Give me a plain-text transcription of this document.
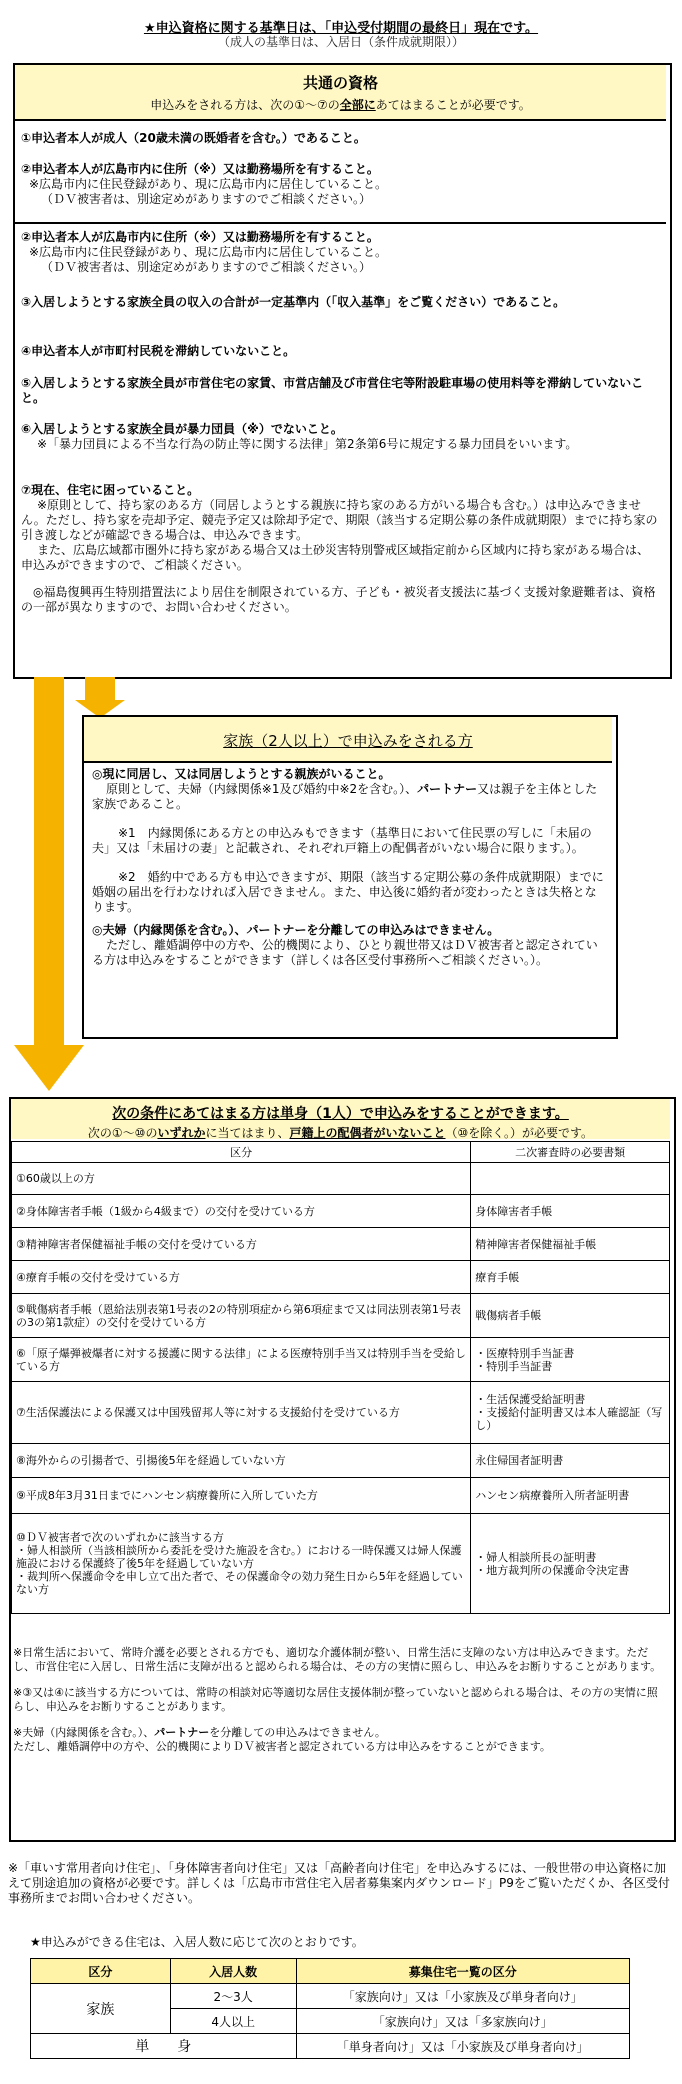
★申込資格に関する基準日は、「申込受付期間の最終日」現在です。
（成人の基準日は、入居日（条件成就期限））
共通の資格
申込みをされる方は、次の①～⑦の全部にあてはまることが必要です。
①申込者本人が成人（20歳未満の既婚者を含む。）であること。
②申込者本人が広島市内に住所（※）又は勤務場所を有すること。
※広島市内に住民登録があり、現に広島市内に居住していること。
（ＤＶ被害者は、別途定めがありますのでご相談ください。）
②申込者本人が広島市内に住所（※）又は勤務場所を有すること。
※広島市内に住民登録があり、現に広島市内に居住していること。
（ＤＶ被害者は、別途定めがありますのでご相談ください。）
③入居しようとする家族全員の収入の合計が一定基準内（「収入基準」をご覧ください）であること。
④申込者本人が市町村民税を滞納していないこと。
⑤入居しようとする家族全員が市営住宅の家賃、市営店舗及び市営住宅等附設駐車場の使用料等を滞納していないこと。
⑥入居しようとする家族全員が暴力団員（※）でないこと。
※「暴力団員による不当な行為の防止等に関する法律」第2条第6号に規定する暴力団員をいいます。
⑦現在、住宅に困っていること。
※原則として、持ち家のある方（同居しようとする親族に持ち家のある方がいる場合も含む。）は申込みできません。ただし、持ち家を売却予定、競売予定又は除却予定で、期限（該当する定期公募の条件成就期限）までに持ち家の引き渡しなどが確認できる場合は、申込みできます。
また、広島広域都市圏外に持ち家がある場合又は土砂災害特別警戒区域指定前から区域内に持ち家がある場合は、申込みができますので、ご相談ください。
◎福島復興再生特別措置法により居住を制限されている方、子ども・被災者支援法に基づく支援対象避難者は、資格の一部が異なりますので、お問い合わせください。
家族（2人以上）で申込みをされる方
◎現に同居し、又は同居しようとする親族がいること。
原則として、夫婦（内縁関係※1及び婚約中※2を含む。）、パートナー又は親子を主体とした家族であること。
※1　内縁関係にある方との申込みもできます（基準日において住民票の写しに「未届の夫」又は「未届けの妻」と記載され、それぞれ戸籍上の配偶者がいない場合に限ります。）。
※2　婚約中である方も申込できますが、期限（該当する定期公募の条件成就期限）までに婚姻の届出を行わなければ入居できません。また、申込後に婚約者が変わったときは失格となります。
◎夫婦（内縁関係を含む。）、パートナーを分離しての申込みはできません。
ただし、離婚調停中の方や、公的機関により、ひとり親世帯又はＤＶ被害者と認定されている方は申込みをすることができます（詳しくは各区受付事務所へご相談ください。）。
次の条件にあてはまる方は単身（1人）で申込みをすることができます。
次の①～⑩のいずれかに当てはまり、戸籍上の配偶者がいないこと（⑩を除く。）が必要です。
区分	二次審査時の必要書類
①60歳以上の方	
②身体障害者手帳（1級から4級まで）の交付を受けている方	身体障害者手帳
③精神障害者保健福祉手帳の交付を受けている方	精神障害者保健福祉手帳
④療育手帳の交付を受けている方	療育手帳
⑤戦傷病者手帳（恩給法別表第1号表の2の特別項症から第6項症まで又は同法別表第1号表の3の第1款症）の交付を受けている方	戦傷病者手帳
⑥「原子爆弾被爆者に対する援護に関する法律」による医療特別手当又は特別手当を受給している方	・医療特別手当証書
・特別手当証書
⑦生活保護法による保護又は中国残留邦人等に対する支援給付を受けている方	・生活保護受給証明書
・支援給付証明書又は本人確認証（写し）
⑧海外からの引揚者で、引揚後5年を経過していない方	永住帰国者証明書
⑨平成8年3月31日までにハンセン病療養所に入所していた方	ハンセン病療養所入所者証明書
⑩ＤＶ被害者で次のいずれかに該当する方
・婦人相談所（当該相談所から委託を受けた施設を含む。）における一時保護又は婦人保護施設における保護終了後5年を経過していない方
・裁判所へ保護命令を申し立て出た者で、その保護命令の効力発生日から5年を経過していない方	・婦人相談所長の証明書
・地方裁判所の保護命令決定書
※日常生活において、常時介護を必要とされる方でも、適切な介護体制が整い、日常生活に支障のない方は申込みできます。ただし、市営住宅に入居し、日常生活に支障が出ると認められる場合は、その方の実情に照らし、申込みをお断りすることがあります。
※③又は④に該当する方については、常時の相談対応等適切な居住支援体制が整っていないと認められる場合は、その方の実情に照らし、申込みをお断りすることがあります。
※夫婦（内縁関係を含む。）、パートナーを分離しての申込みはできません。
ただし、離婚調停中の方や、公的機関によりＤＶ被害者と認定されている方は申込みをすることができます。
※「車いす常用者向け住宅」、「身体障害者向け住宅」又は「高齢者向け住宅」を申込みするには、一般世帯の申込資格に加えて別途追加の資格が必要です。詳しくは「広島市市営住宅入居者募集案内ダウンロード」P9をご覧いただくか、各区受付事務所までお問い合わせください。
★申込みができる住宅は、入居人数に応じて次のとおりです。
区分	入居人数	募集住宅一覧の区分
家族	2～3人	「家族向け」又は「小家族及び単身者向け」
	4人以上	「家族向け」又は「多家族向け」
単　　身		「単身者向け」又は「小家族及び単身者向け」
